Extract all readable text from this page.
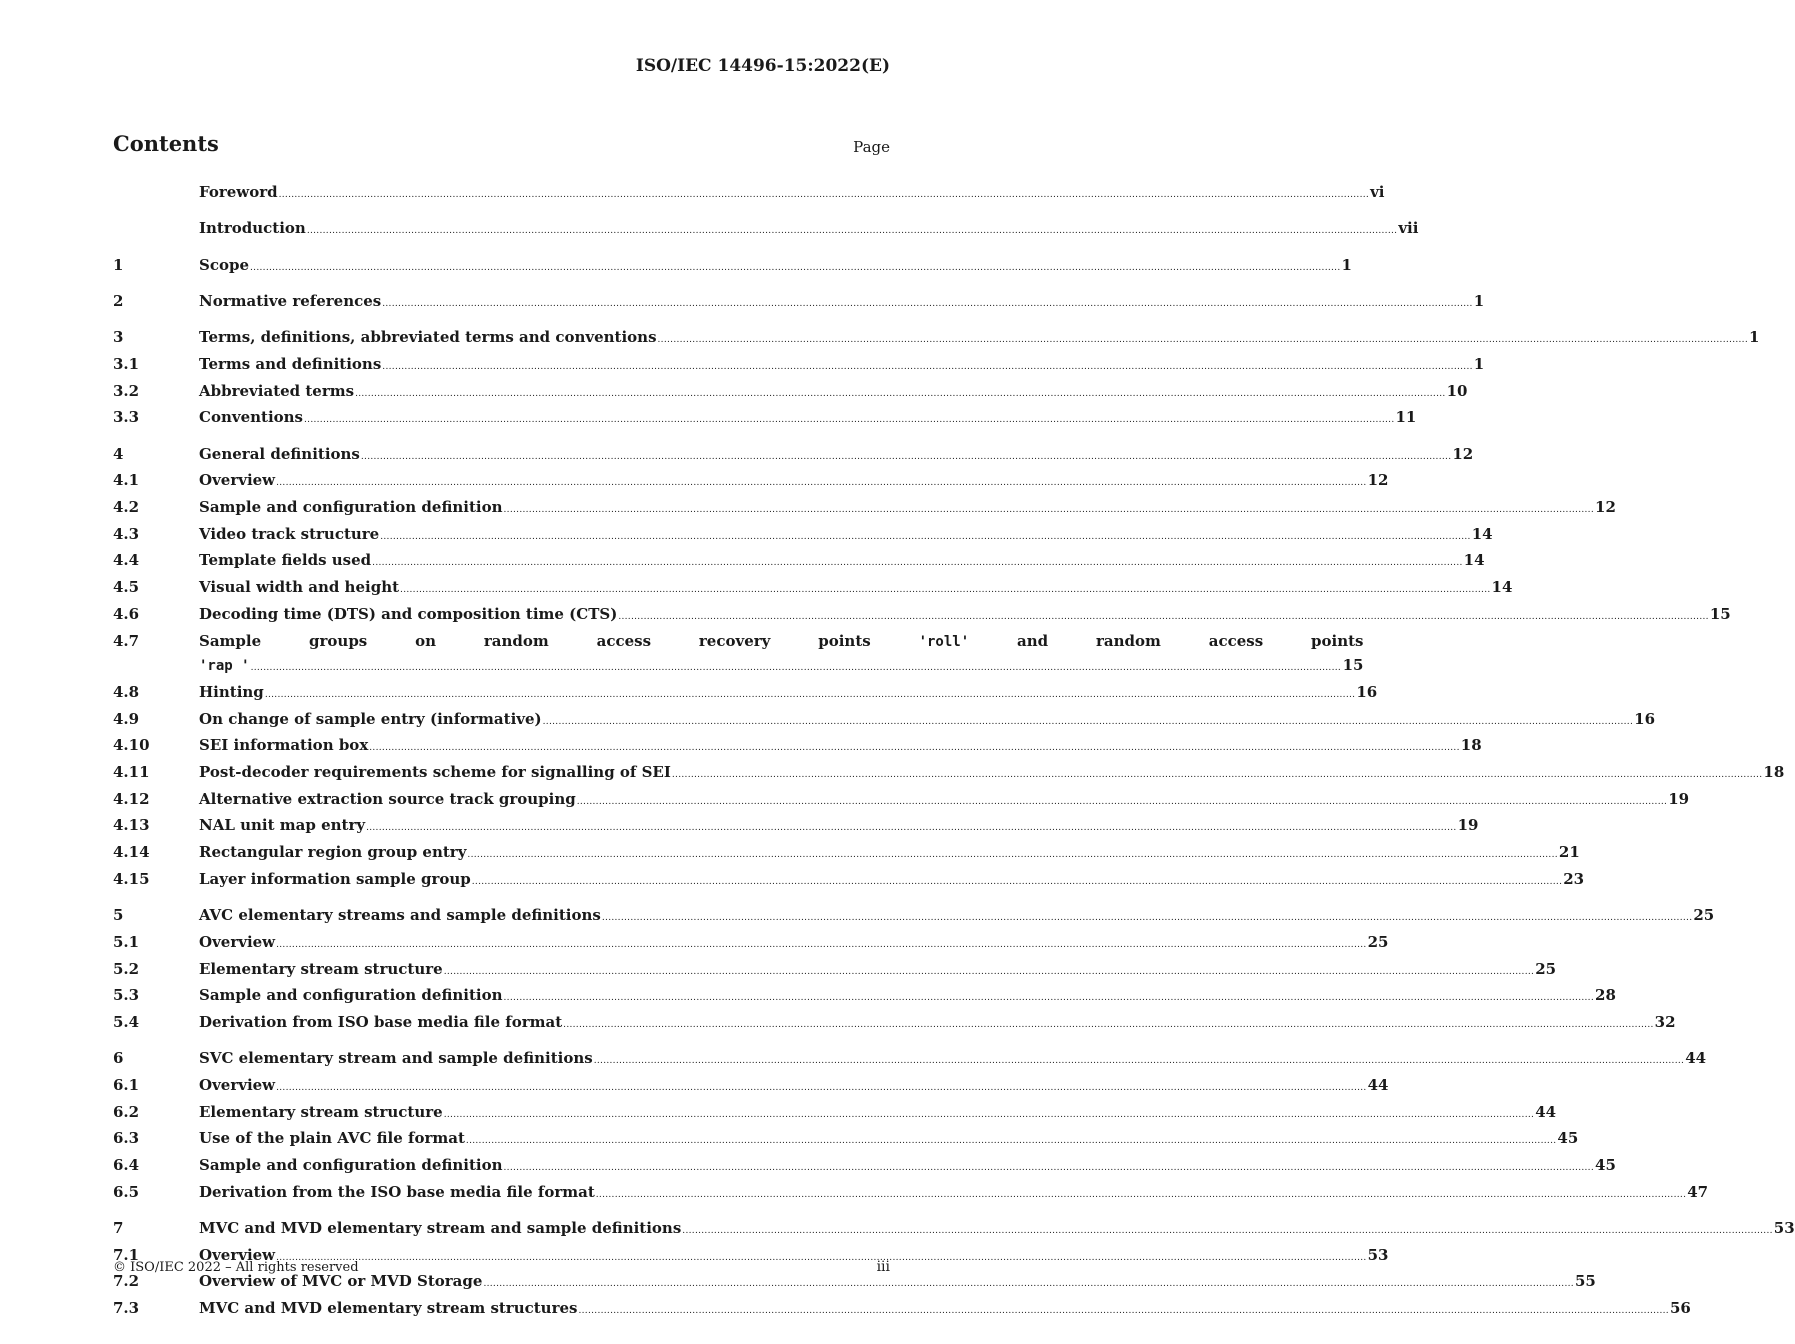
ISO/IEC 14496-15:2022(E)
Contents	Page
Foreword .....	vi
Introduction .....	vii
1	Scope .....	1
2	Normative references .....	1
3	Terms, definitions, abbreviated terms and conventions .....	1
3.1	Terms and definitions .....	1
3.2	Abbreviated terms .....	10
3.3	Conventions .....	11
4	General definitions .....	12
4.1	Overview .....	12
4.2	Sample and configuration definition .....	12
4.3	Video track structure .....	14
4.4	Template fields used .....	14
4.5	Visual width and height .....	14
4.6	Decoding time (DTS) and composition time (CTS) .....	15
4.7	Sample groups on random access recovery points 'roll' and random access points
'rap ' .....	15
4.8	Hinting .....	16
4.9	On change of sample entry (informative) .....	16
4.10	SEI information box .....	18
4.11	Post-decoder requirements scheme for signalling of SEI .....	18
4.12	Alternative extraction source track grouping .....	19
4.13	NAL unit map entry .....	19
4.14	Rectangular region group entry .....	21
4.15	Layer information sample group .....	23
5	AVC elementary streams and sample definitions .....	25
5.1	Overview .....	25
5.2	Elementary stream structure .....	25
5.3	Sample and configuration definition .....	28
5.4	Derivation from ISO base media file format .....	32
6	SVC elementary stream and sample definitions .....	44
6.1	Overview .....	44
6.2	Elementary stream structure .....	44
6.3	Use of the plain AVC file format .....	45
6.4	Sample and configuration definition .....	45
6.5	Derivation from the ISO base media file format .....	47
7	MVC and MVD elementary stream and sample definitions .....	53
7.1	Overview .....	53
7.2	Overview of MVC or MVD Storage .....	55
7.3	MVC and MVD elementary stream structures .....	56
© ISO/IEC 2022 – All rights reserved	iii
